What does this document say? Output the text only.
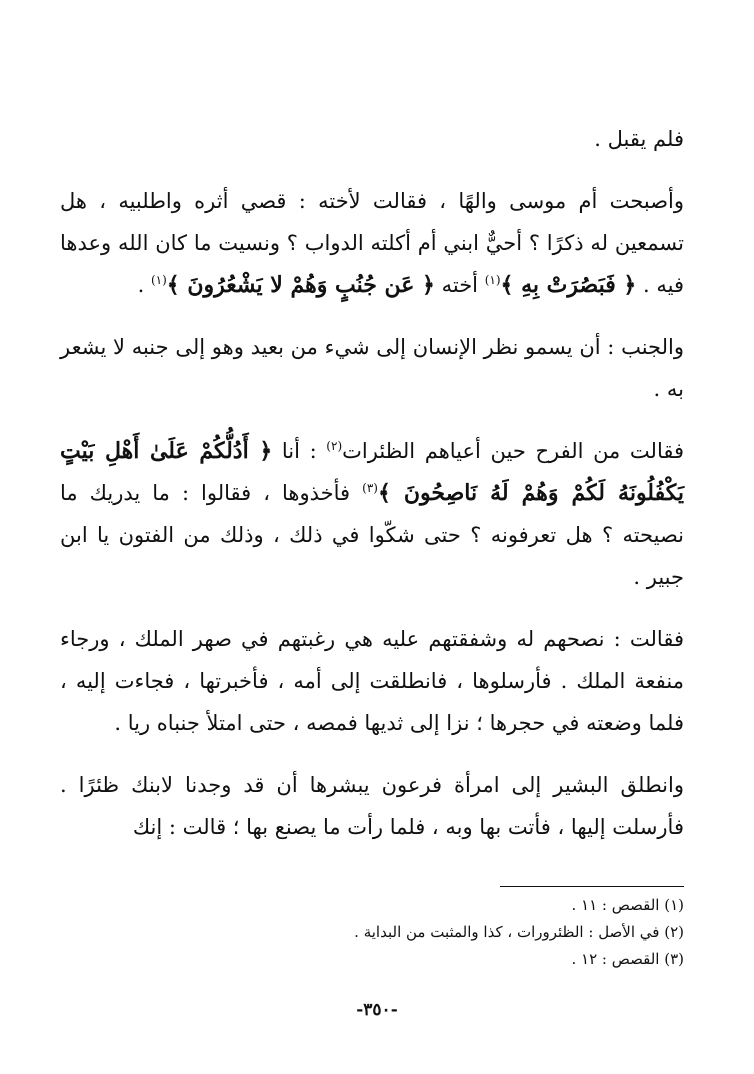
فلم يقبل .

وأصبحت أم موسى والهًا ، فقالت لأخته : قصي أثره واطلبيه ، هل تسمعين له ذكرًا ؟ أحيٌّ ابني أم أكلته الدواب ؟ ونسيت ما كان الله وعدها فيه . ﴿ فَبَصُرَتْ بِهِ ﴾$^{(١)}$ أخته ﴿ عَن جُنُبٍ وَهُمْ لا يَشْعُرُونَ ﴾$^{(١)}$ .

والجنب : أن يسمو نظر الإنسان إلى شيء من بعيد وهو إلى جنبه لا يشعر به .

فقالت من الفرح حين أعياهم الظئرات$^{(٢)}$ : أنا ﴿ أَدُلُّكُمْ عَلَىٰ أَهْلِ بَيْتٍ يَكْفُلُونَهُ لَكُمْ وَهُمْ لَهُ نَاصِحُونَ ﴾$^{(٣)}$ فأخذوها ، فقالوا : ما يدريك ما نصيحته ؟ هل تعرفونه ؟ حتى شكّوا في ذلك ، وذلك من الفتون يا ابن جبير .

فقالت : نصحهم له وشفقتهم عليه هي رغبتهم في صهر الملك ، ورجاء منفعة الملك . فأرسلوها ، فانطلقت إلى أمه ، فأخبرتها ، فجاءت إليه ، فلما وضعته في حجرها ؛ نزا إلى ثديها فمصه ، حتى امتلأ جنباه ريا .

وانطلق البشير إلى امرأة فرعون يبشرها أن قد وجدنا لابنك ظئرًا . فأرسلت إليها ، فأتت بها وبه ، فلما رأت ما يصنع بها ؛ قالت : إنك

(١) القصص : ١١ .
(٢) في الأصل : الظئرورات ، كذا والمثبت من البداية .
(٣) القصص : ١٢ .
-٣٥٠-
